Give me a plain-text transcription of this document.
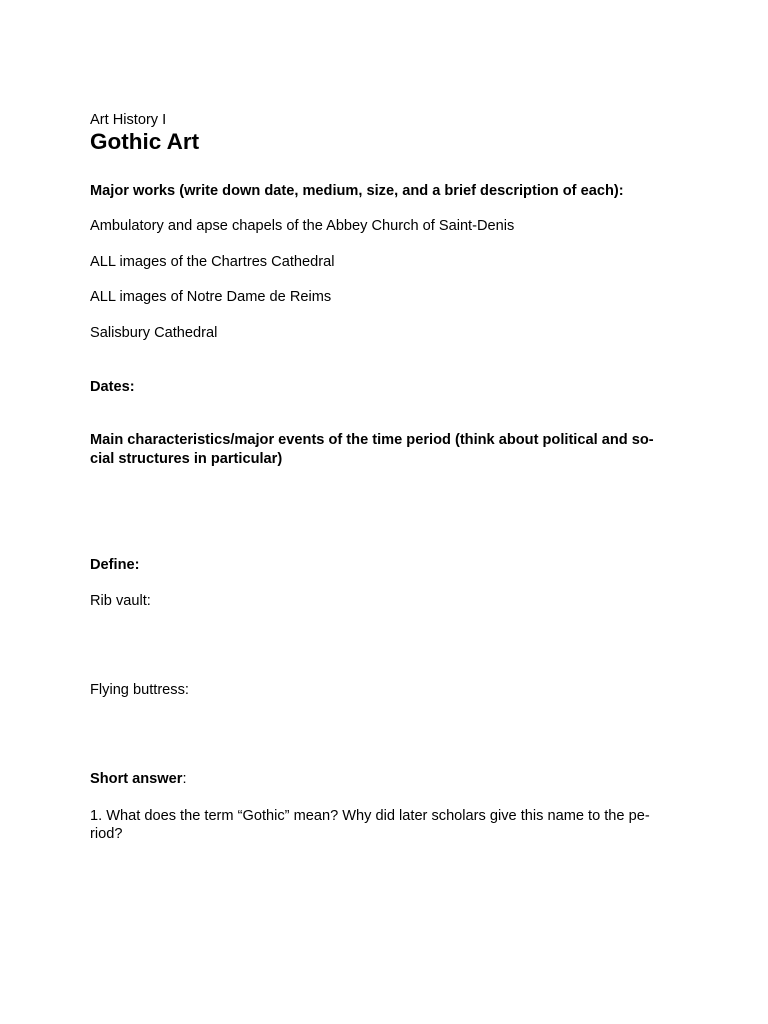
Art History I
Gothic Art
Major works (write down date, medium, size, and a brief description of each):
Ambulatory and apse chapels of the Abbey Church of Saint-Denis
ALL images of the Chartres Cathedral
ALL images of Notre Dame de Reims
Salisbury Cathedral
Dates:
Main characteristics/major events of the time period (think about political and so-
cial structures in particular)
Define:
Rib vault:
Flying buttress:
Short answer:
1. What does the term “Gothic” mean? Why did later scholars give this name to the pe-
riod?
